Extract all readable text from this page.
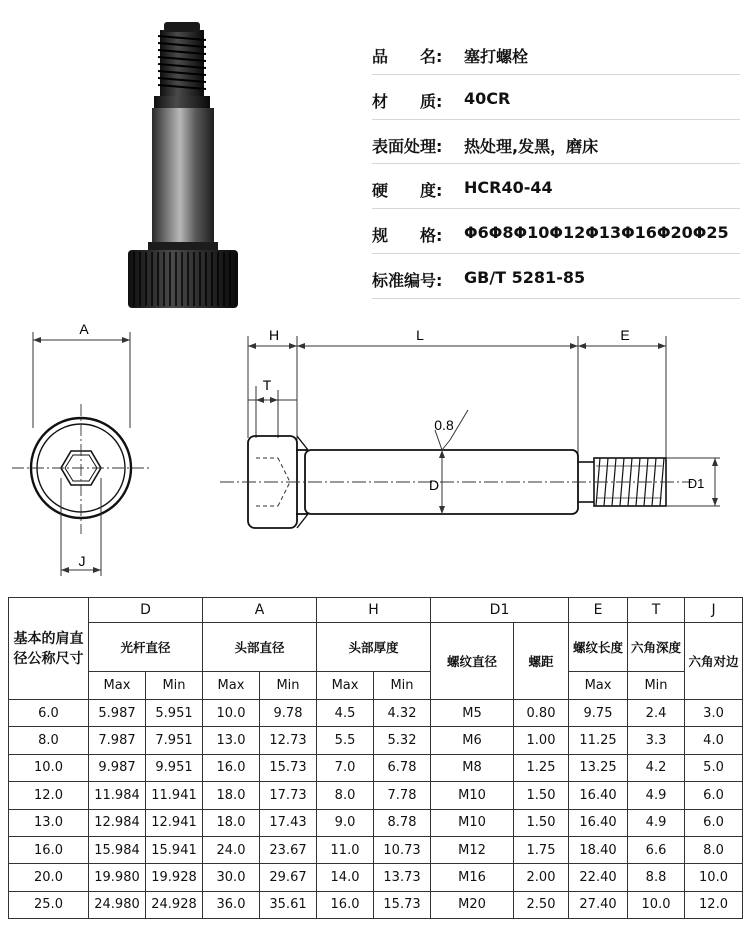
品　　名:	塞打螺栓
材　　质:	40CR
表面处理:	热处理,发黑，磨床
硬　　度:	HCR40-44
规　　格:	Φ6Φ8Φ10Φ12Φ13Φ16Φ20Φ25
标准编号:	GB/T 5281-85
A
J
H	L	E
T
D
0.8
D1
基本的肩直径公称尺寸	D		A		H		D1		E	T	J
	光杆直径		头部直径		头部厚度		螺纹直径	螺距	螺纹长度	六角深度	六角对边
	Max	Min	Max	Min	Max	Min			Max	Min	
6.0	5.987	5.951	10.0	9.78	4.5	4.32	M5	0.80	9.75	2.4	3.0
8.0	7.987	7.951	13.0	12.73	5.5	5.32	M6	1.00	11.25	3.3	4.0
10.0	9.987	9.951	16.0	15.73	7.0	6.78	M8	1.25	13.25	4.2	5.0
12.0	11.984	11.941	18.0	17.73	8.0	7.78	M10	1.50	16.40	4.9	6.0
13.0	12.984	12.941	18.0	17.43	9.0	8.78	M10	1.50	16.40	4.9	6.0
16.0	15.984	15.941	24.0	23.67	11.0	10.73	M12	1.75	18.40	6.6	8.0
20.0	19.980	19.928	30.0	29.67	14.0	13.73	M16	2.00	22.40	8.8	10.0
25.0	24.980	24.928	36.0	35.61	16.0	15.73	M20	2.50	27.40	10.0	12.0
